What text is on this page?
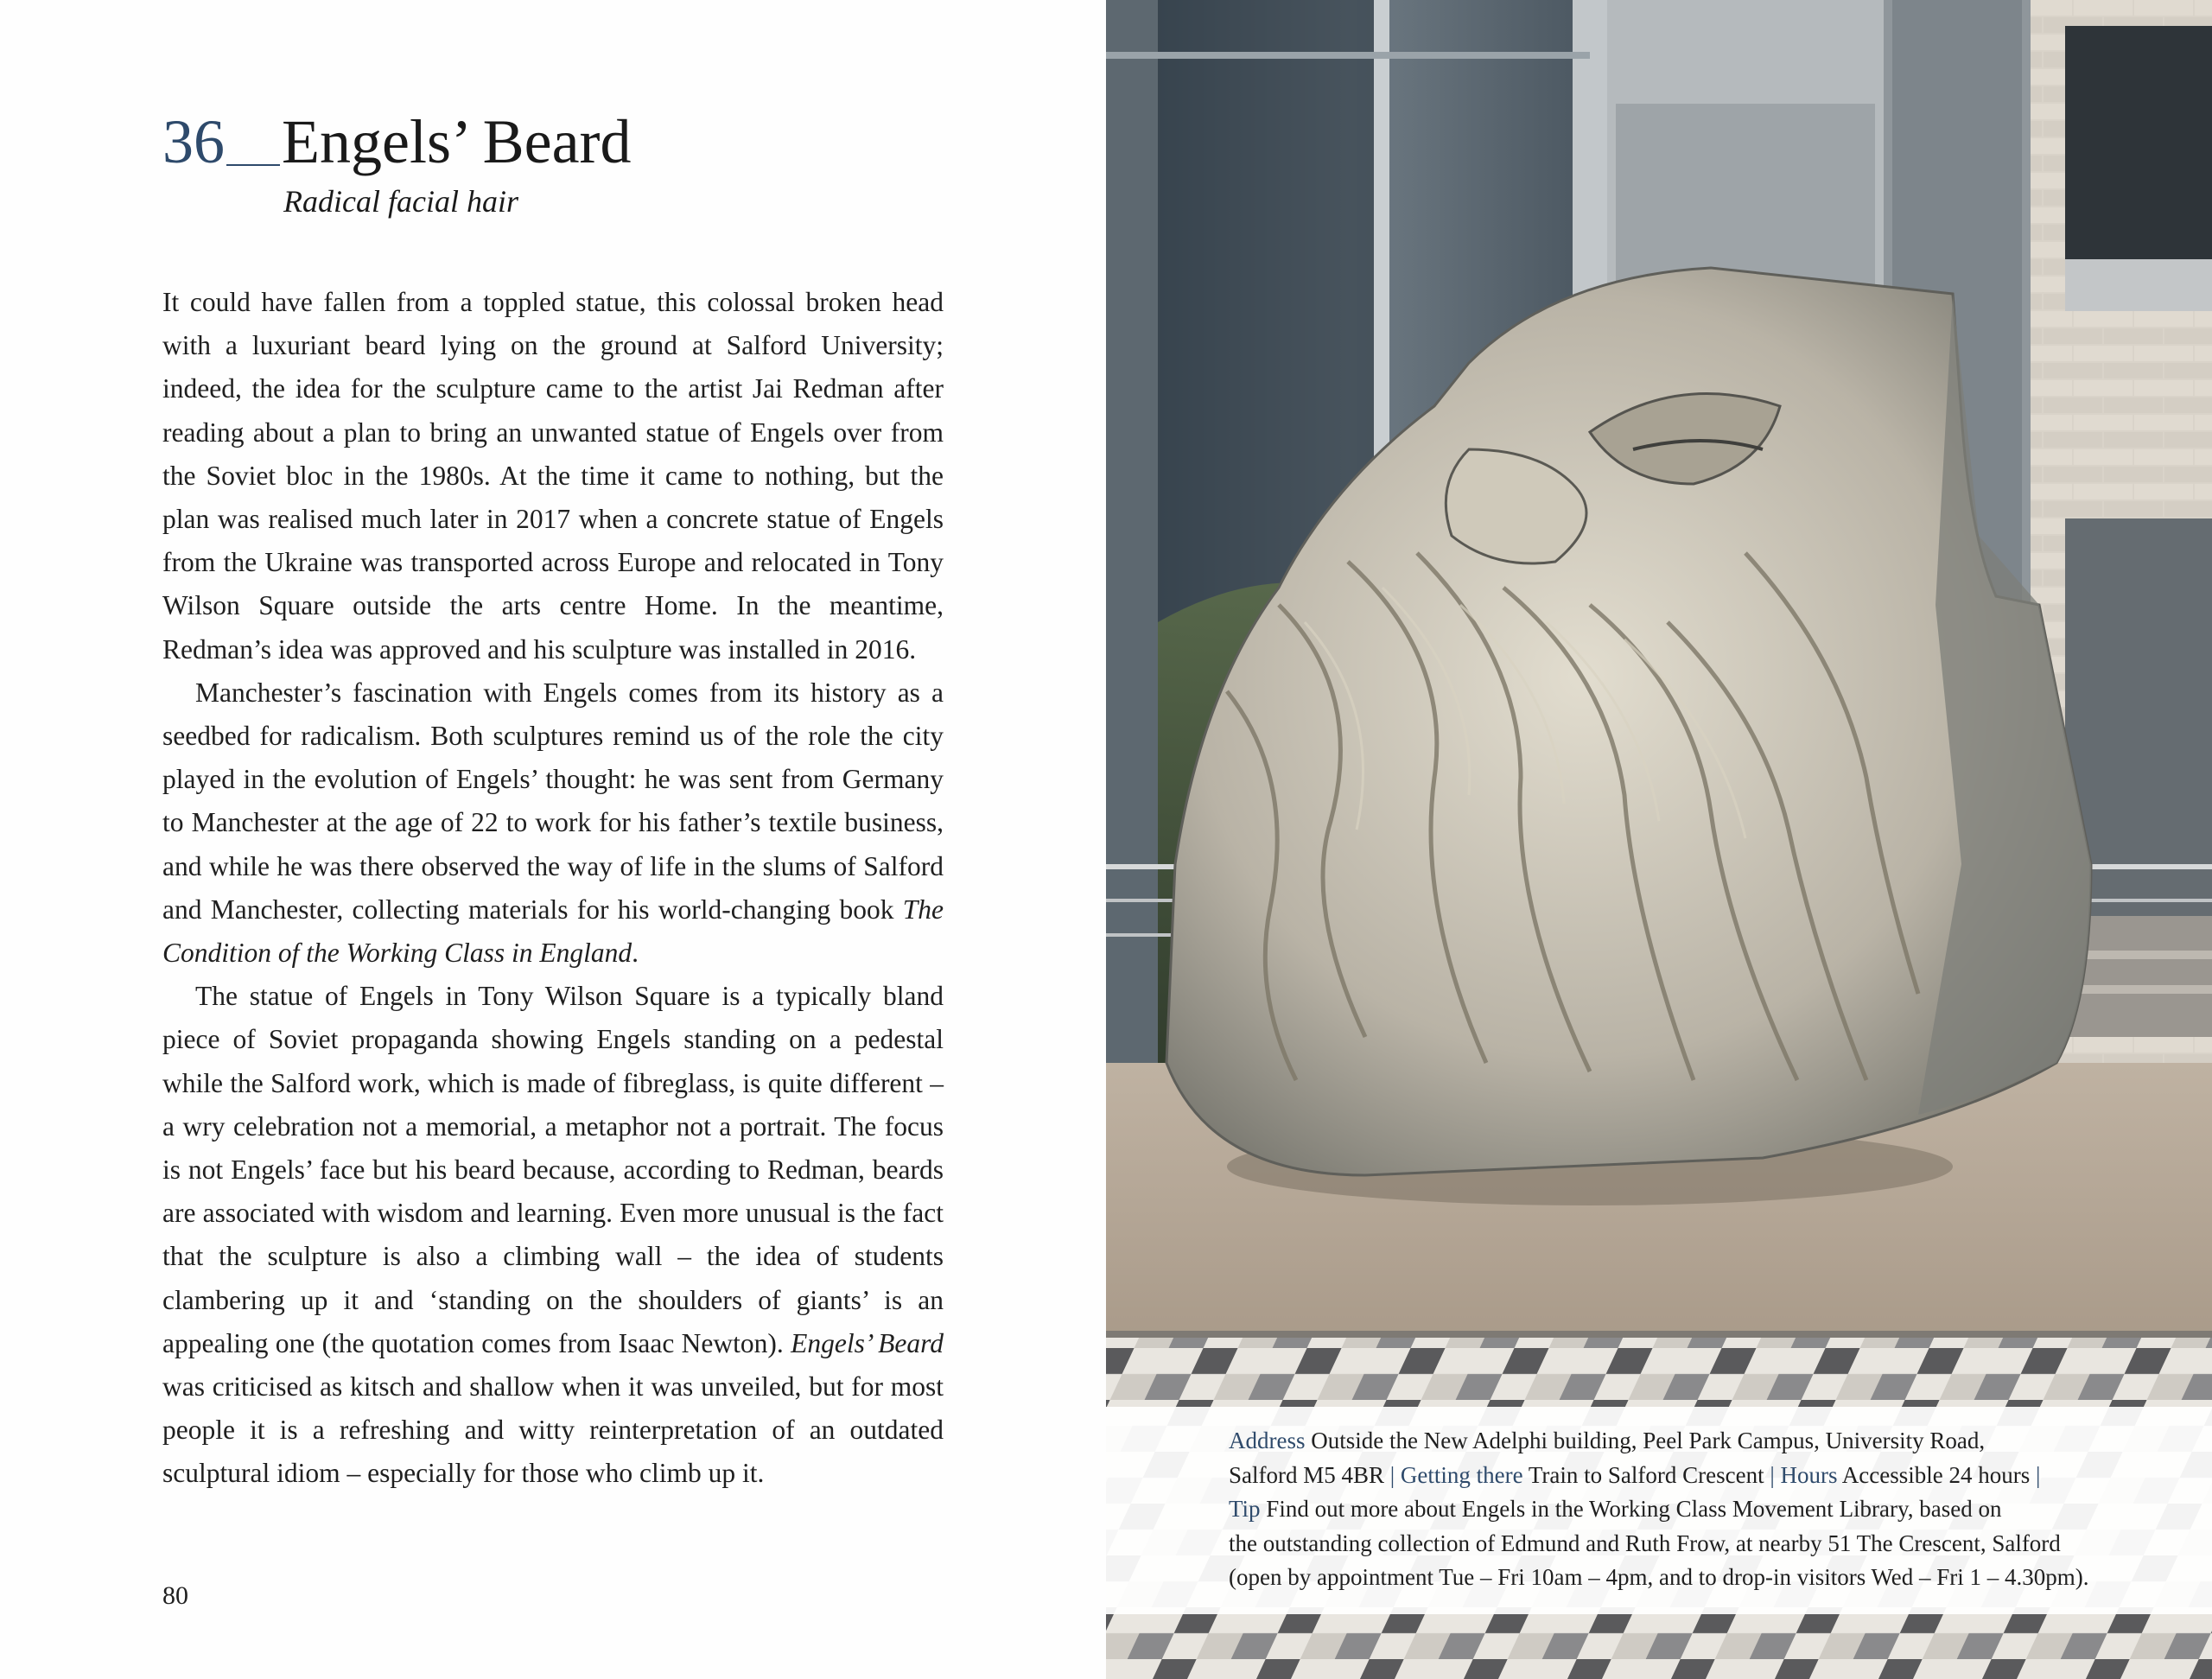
36 Engels’ Beard
Radical facial hair

It could have fallen from a toppled statue, this colossal broken head with a luxuriant beard lying on the ground at Salford University; indeed, the idea for the sculpture came to the artist Jai Redman after reading about a plan to bring an unwanted statue of Engels over from the Soviet bloc in the 1980s. At the time it came to nothing, but the plan was realised much later in 2017 when a concrete statue of Engels from the Ukraine was transported across Europe and relocated in Tony Wilson Square outside the arts centre Home. In the meantime, Redman’s idea was approved and his sculpture was installed in 2016.

Manchester’s fascination with Engels comes from its history as a seedbed for radicalism. Both sculptures remind us of the role the city played in the evolution of Engels’ thought: he was sent from Germany to Manchester at the age of 22 to work for his father’s textile business, and while he was there observed the way of life in the slums of Salford and Manchester, collecting materials for his world-changing book The Condition of the Working Class in England.

The statue of Engels in Tony Wilson Square is a typically bland piece of Soviet propaganda showing Engels standing on a pedestal while the Salford work, which is made of fibreglass, is quite different – a wry celebration not a memorial, a metaphor not a portrait. The focus is not Engels’ face but his beard because, according to Redman, beards are associated with wisdom and learning. Even more unusual is the fact that the sculpture is also a climbing wall – the idea of students clambering up it and ‘standing on the shoulders of giants’ is an appealing one (the quotation comes from Isaac Newton). Engels’ Beard was criticised as kitsch and shallow when it was unveiled, but for most people it is a refreshing and witty reinterpretation of an outdated sculptural idiom – especially for those who climb up it.

80
Address Outside the New Adelphi building, Peel Park Campus, University Road,
Salford M5 4BR | Getting there Train to Salford Crescent | Hours Accessible 24 hours |
Tip Find out more about Engels in the Working Class Movement Library, based on
the outstanding collection of Edmund and Ruth Frow, at nearby 51 The Crescent, Salford
(open by appointment Tue – Fri 10am – 4pm, and to drop-in visitors Wed – Fri 1 – 4.30pm).
